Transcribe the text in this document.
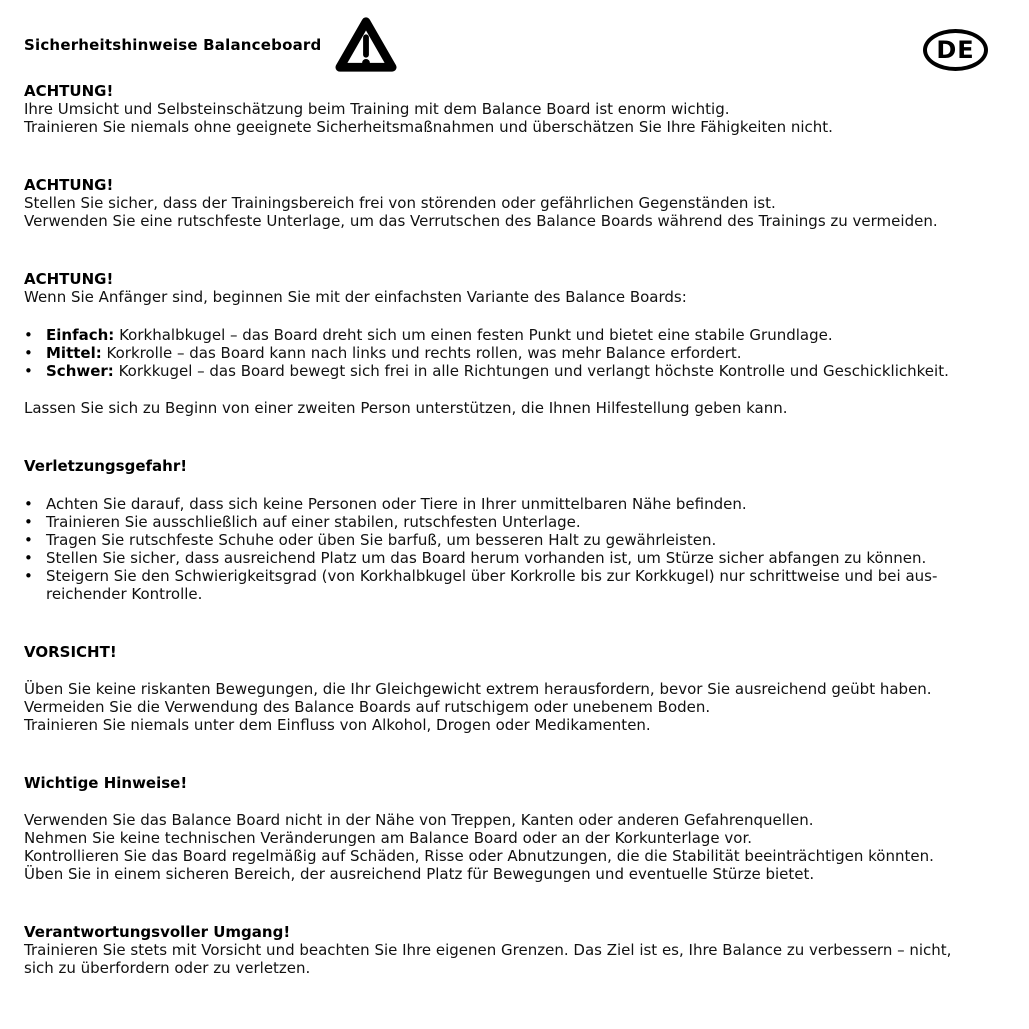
Sicherheitshinweise Balanceboard	DE
ACHTUNG!

Ihre Umsicht und Selbsteinschätzung beim Training mit dem Balance Board ist enorm wichtig.

Trainieren Sie niemals ohne geeignete Sicherheitsmaßnahmen und überschätzen Sie Ihre Fähigkeiten nicht.

ACHTUNG!

Stellen Sie sicher, dass der Trainingsbereich frei von störenden oder gefährlichen Gegenständen ist.

Verwenden Sie eine rutschfeste Unterlage, um das Verrutschen des Balance Boards während des Trainings zu vermeiden.

ACHTUNG!

Wenn Sie Anfänger sind, beginnen Sie mit der einfachsten Variante des Balance Boards:

• Einfach: Korkhalbkugel – das Board dreht sich um einen festen Punkt und bietet eine stabile Grundlage.
• Mittel: Korkrolle – das Board kann nach links und rechts rollen, was mehr Balance erfordert.
• Schwer: Korkkugel – das Board bewegt sich frei in alle Richtungen und verlangt höchste Kontrolle und Geschicklichkeit.

Lassen Sie sich zu Beginn von einer zweiten Person unterstützen, die Ihnen Hilfestellung geben kann.

Verletzungsgefahr!
• Achten Sie darauf, dass sich keine Personen oder Tiere in Ihrer unmittelbaren Nähe befinden.
• Trainieren Sie ausschließlich auf einer stabilen, rutschfesten Unterlage.
• Tragen Sie rutschfeste Schuhe oder üben Sie barfuß, um besseren Halt zu gewährleisten.
• Stellen Sie sicher, dass ausreichend Platz um das Board herum vorhanden ist, um Stürze sicher abfangen zu können.
• Steigern Sie den Schwierigkeitsgrad (von Korkhalbkugel über Korkrolle bis zur Korkkugel) nur schrittweise und bei aus-
reichender Kontrolle.
VORSICHT!

Üben Sie keine riskanten Bewegungen, die Ihr Gleichgewicht extrem herausfordern, bevor Sie ausreichend geübt haben.

Vermeiden Sie die Verwendung des Balance Boards auf rutschigem oder unebenem Boden.

Trainieren Sie niemals unter dem Einfluss von Alkohol, Drogen oder Medikamenten.

Wichtige Hinweise!

Verwenden Sie das Balance Board nicht in der Nähe von Treppen, Kanten oder anderen Gefahrenquellen.

Nehmen Sie keine technischen Veränderungen am Balance Board oder an der Korkunterlage vor.

Kontrollieren Sie das Board regelmäßig auf Schäden, Risse oder Abnutzungen, die die Stabilität beeinträchtigen könnten.

Üben Sie in einem sicheren Bereich, der ausreichend Platz für Bewegungen und eventuelle Stürze bietet.

Verantwortungsvoller Umgang!

Trainieren Sie stets mit Vorsicht und beachten Sie Ihre eigenen Grenzen. Das Ziel ist es, Ihre Balance zu verbessern – nicht,

sich zu überfordern oder zu verletzen.
